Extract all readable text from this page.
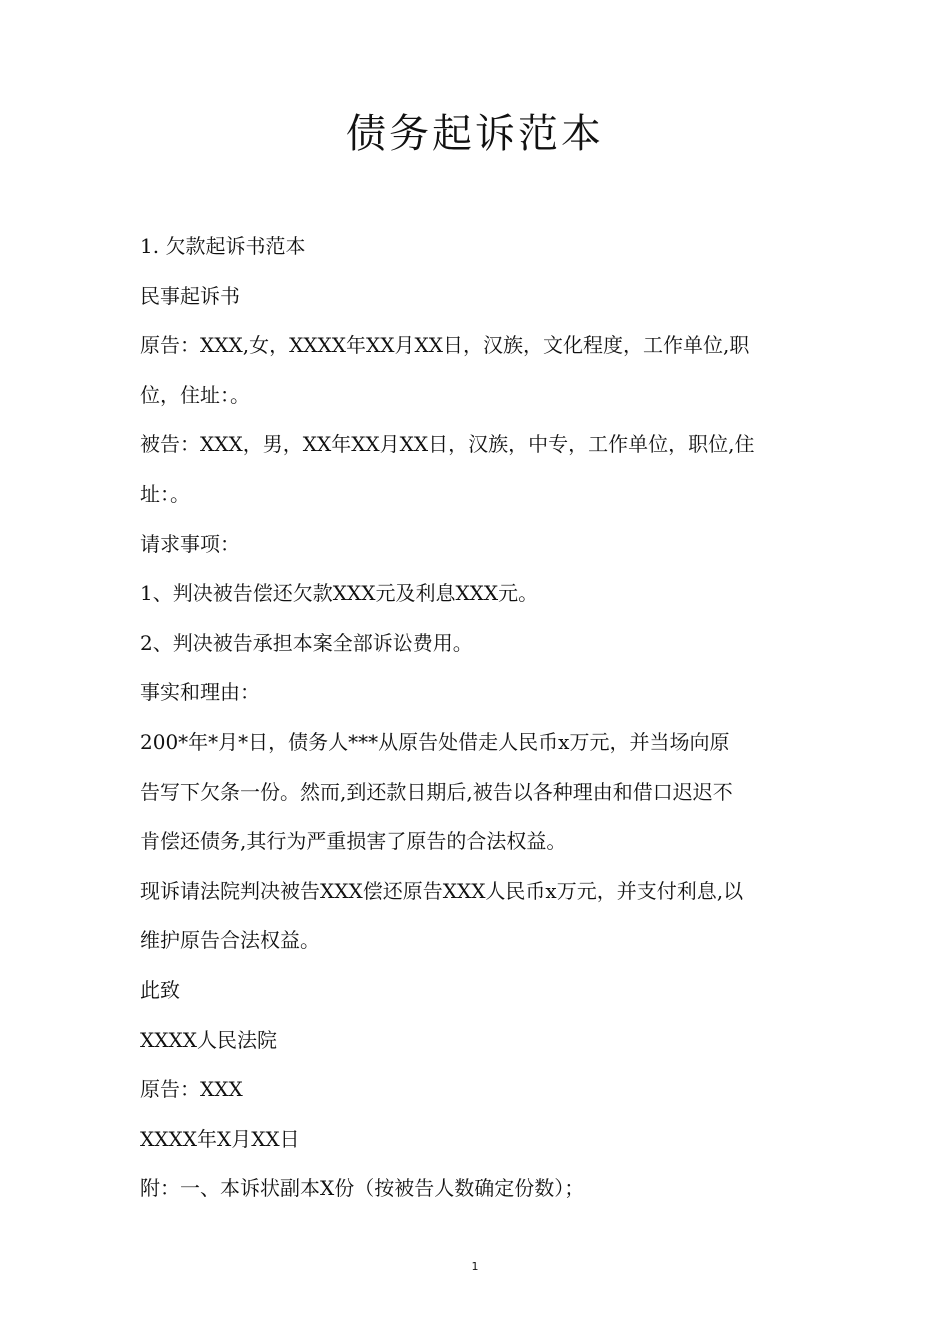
债务起诉范本

1. 欠款起诉书范本

民事起诉书

原告：XXX,女，XXXX年XX月XX日，汉族，文化程度，工作单位,职

位，住址：。

被告：XXX，男，XX年XX月XX日，汉族，中专，工作单位，职位,住

址：。

请求事项：

1、判决被告偿还欠款XXX元及利息XXX元。

2、判决被告承担本案全部诉讼费用。

事实和理由：

200*年*月*日，债务人***从原告处借走人民币x万元，并当场向原

告写下欠条一份。然而,到还款日期后,被告以各种理由和借口迟迟不

肯偿还债务,其行为严重损害了原告的合法权益。

现诉请法院判决被告XXX偿还原告XXX人民币x万元，并支付利息,以

维护原告合法权益。

此致

XXXX人民法院

原告：XXX

XXXX年X月XX日

附：一、本诉状副本X份（按被告人数确定份数）；

1
